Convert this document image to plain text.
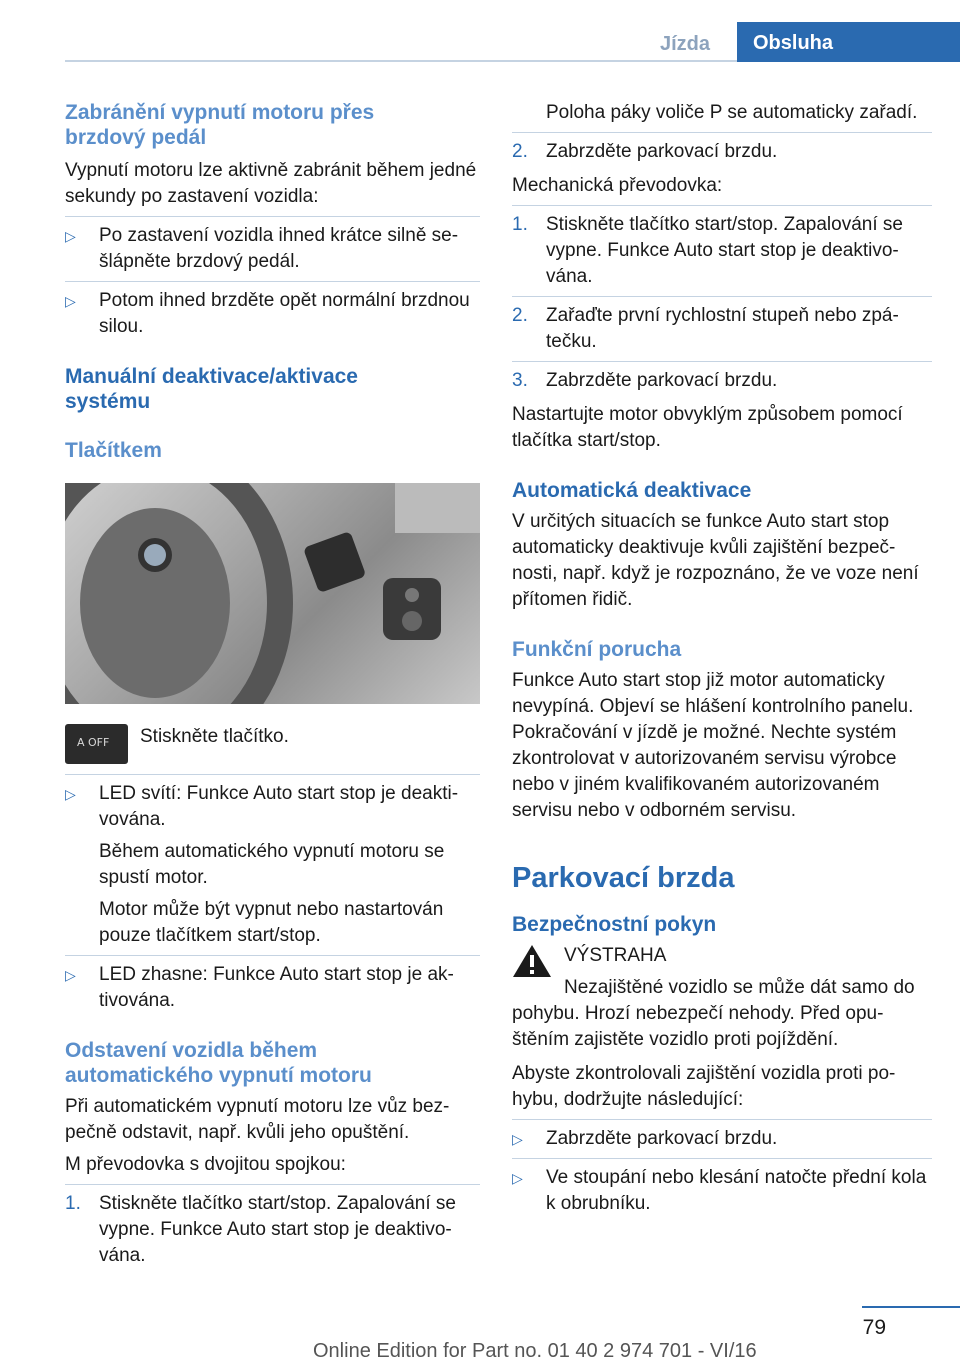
Jízda	Obsluha
Zabránění vypnutí motoru přes brzdový pedál

Vypnutí motoru lze aktivně zabránit během jedné sekundy po zastavení vozidla:

▷ Po zastavení vozidla ihned krátce silně sešlápněte brzdový pedál.
▷ Potom ihned brzděte opět normální brzdnou silou.
Manuální deaktivace/aktivace systému
Tlačítkem
A OFF Stiskněte tlačítko.

▷ LED svítí: Funkce Auto start stop je deaktivována.

Během automatického vypnutí motoru se spustí motor.

Motor může být vypnut nebo nastartován pouze tlačítkem start/stop.

▷ LED zhasne: Funkce Auto start stop je aktivována.
Odstavení vozidla během automatického vypnutí motoru

Při automatickém vypnutí motoru lze vůz bezpečně odstavit, např. kvůli jeho opuštění.

M převodovka s dvojitou spojkou:

1. Stiskněte tlačítko start/stop. Zapalování se vypne. Funkce Auto start stop je deaktivována.

Poloha páky voliče P se automaticky zařadí.

2. Zabrzděte parkovací brzdu.

Mechanická převodovka:

1. Stiskněte tlačítko start/stop. Zapalování se vypne. Funkce Auto start stop je deaktivována.
2. Zařaďte první rychlostní stupeň nebo zpátečku.
3. Zabrzděte parkovací brzdu.

Nastartujte motor obvyklým způsobem pomocí tlačítka start/stop.

Automatická deaktivace

V určitých situacích se funkce Auto start stop automaticky deaktivuje kvůli zajištění bezpečnosti, např. když je rozpoznáno, že ve voze není přítomen řidič.

Funkční porucha

Funkce Auto start stop již motor automaticky nevypíná. Objeví se hlášení kontrolního panelu. Pokračování v jízdě je možné. Nechte systém zkontrolovat v autorizovaném servisu výrobce nebo v jiném kvalifikovaném autorizovaném servisu nebo v odborném servisu.

Parkovací brzda
Bezpečnostní pokyn

VÝSTRAHA

Nezajištěné vozidlo se může dát samo do

pohybu. Hrozí nebezpečí nehody. Před opuštěním zajistěte vozidlo proti pojíždění.

Abyste zkontrolovali zajištění vozidla proti pohybu, dodržujte následující:

▷ Zabrzděte parkovací brzdu.
▷ Ve stoupání nebo klesání natočte přední kola k obrubníku.
79
Online Edition for Part no. 01 40 2 974 701 - VI/16
